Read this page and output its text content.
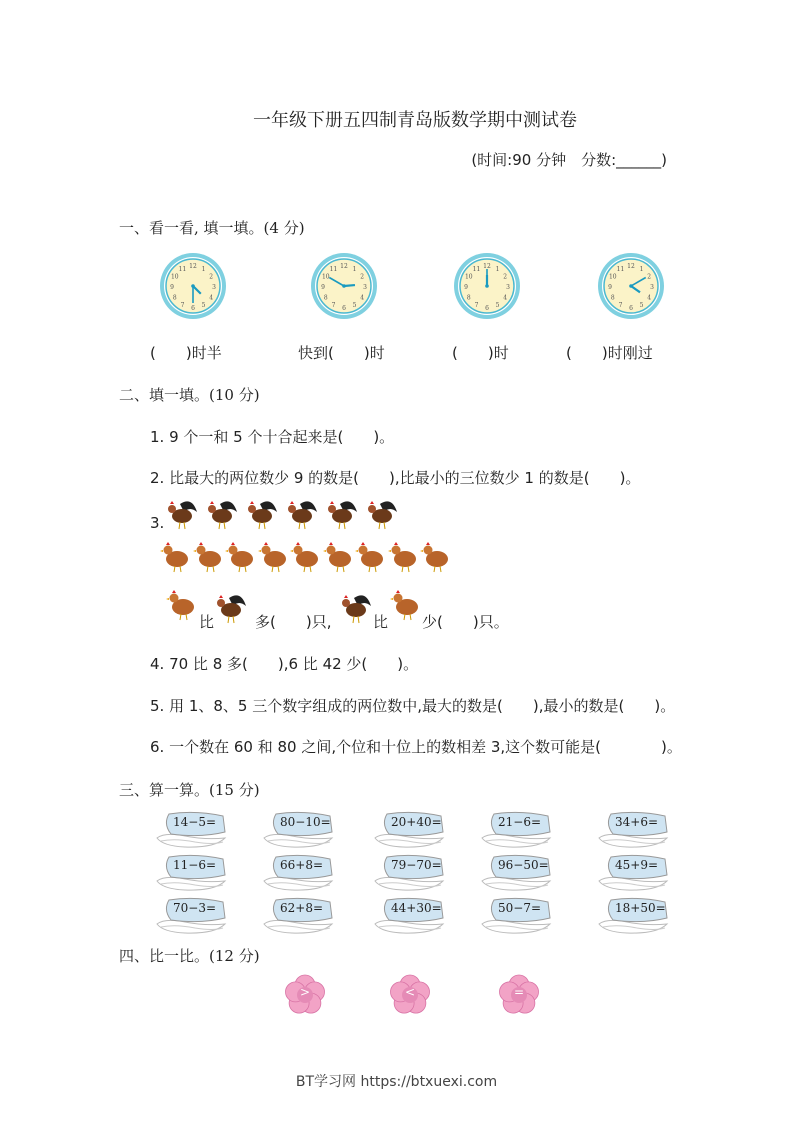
一年级下册五四制青岛版数学期中测试卷
(时间:90 分钟　分数:______)
一、看一看, 填一填。(4 分)
1
2
3
4
5
6
7
8
9
10
11 12	1
2
3
4
5
6
7
8
9
10
11 12	1
2
3
4
5
6
7
8
9
10
11 12	1
2
3
4
5
6
7
8
9
10
11 12
(　　)时半	快到(　　)时	(　　)时	(　　)时刚过
二、填一填。(10 分)
1. 9 个一和 5 个十合起来是(　　)。
2. 比最大的两位数少 9 的数是(　　),比最小的三位数少 1 的数是(　　)。
3.
比	多(　　)只,	比 少(　　)只。
4. 70 比 8 多(　　),6 比 42 少(　　)。
5. 用 1、8、5 三个数字组成的两位数中,最大的数是(　　),最小的数是(　　)。
6. 一个数在 60 和 80 之间,个位和十位上的数相差 3,这个数可能是(　　　　)。
三、算一算。(15 分)
14−5=	80−10=	20+40=	21−6=	34+6=
11−6=	66+8=	79−70=	96−50=	45+9=
70−3=	62+8=	44+30=	50−7=	18+50=
四、比一比。(12 分)
>	<	=
BT学习网 https://btxuexi.com
